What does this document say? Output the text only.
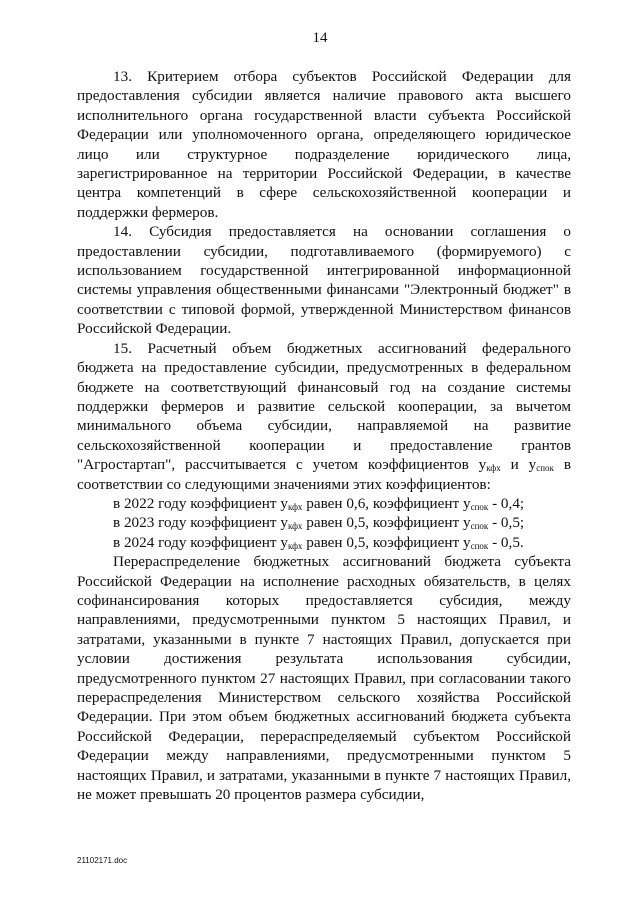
14

13. Критерием отбора субъектов Российской Федерации для предоставления субсидии является наличие правового акта высшего исполнительного органа государственной власти субъекта Российской Федерации или уполномоченного органа, определяющего юридическое лицо или структурное подразделение юридического лица, зарегистрированное на территории Российской Федерации, в качестве центра компетенций в сфере сельскохозяйственной кооперации и поддержки фермеров.

14. Субсидия предоставляется на основании соглашения о предоставлении субсидии, подготавливаемого (формируемого) с использованием государственной интегрированной информационной системы управления общественными финансами "Электронный бюджет" в соответствии с типовой формой, утвержденной Министерством финансов Российской Федерации.

15. Расчетный объем бюджетных ассигнований федерального бюджета на предоставление субсидии, предусмотренных в федеральном бюджете на соответствующий финансовый год на создание системы поддержки фермеров и развитие сельской кооперации, за вычетом минимального объема субсидии, направляемой на развитие сельскохозяйственной кооперации и предоставление грантов "Агростартап", рассчитывается с учетом коэффициентов $у_{кфх}$ и $у_{спок}$ в соответствии со следующими значениями этих коэффициентов:

в 2022 году коэффициент $у_{кфх}$ равен 0,6, коэффициент $у_{спок} - 0,4$;

в 2023 году коэффициент $у_{кфх}$ равен 0,5, коэффициент $у_{спок} - 0,5$;

в 2024 году коэффициент $у_{кфх}$ равен 0,5, коэффициент $у_{спок} - 0,5$.

Перераспределение бюджетных ассигнований бюджета субъекта Российской Федерации на исполнение расходных обязательств, в целях софинансирования которых предоставляется субсидия, между направлениями, предусмотренными пунктом 5 настоящих Правил, и затратами, указанными в пункте 7 настоящих Правил, допускается при условии достижения результата использования субсидии, предусмотренного пунктом 27 настоящих Правил, при согласовании такого перераспределения Министерством сельского хозяйства Российской Федерации. При этом объем бюджетных ассигнований бюджета субъекта Российской Федерации, перераспределяемый субъектом Российской Федерации между направлениями, предусмотренными пунктом 5 настоящих Правил, и затратами, указанными в пункте 7 настоящих Правил, не может превышать 20 процентов размера субсидии,

21102171.doc
